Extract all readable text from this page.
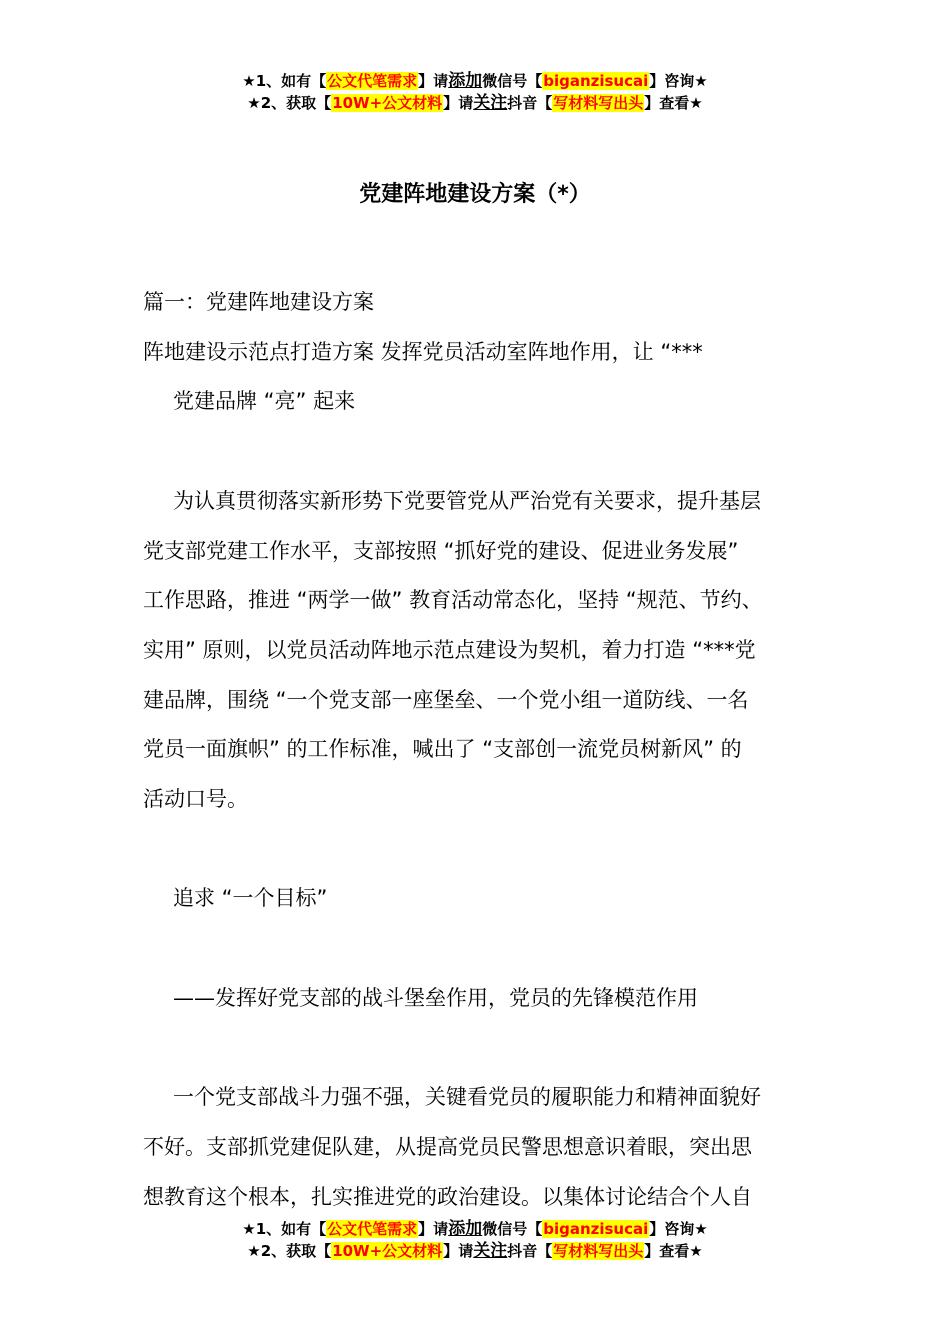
★1、如有【公文代笔需求】请添加微信号【biganzisucai】咨询★
★2、获取【10W+公文材料】请关注抖音【写材料写出头】查看★
党建阵地建设方案（*）

篇一：党建阵地建设方案

阵地建设示范点打造方案 发挥党员活动室阵地作用，让 “***

党建品牌 “亮” 起来

为认真贯彻落实新形势下党要管党从严治党有关要求，提升基层

党支部党建工作水平，支部按照 “抓好党的建设、促进业务发展”

工作思路，推进 “两学一做” 教育活动常态化，坚持 “规范、节约、

实用” 原则，以党员活动阵地示范点建设为契机，着力打造 “***党

建品牌，围绕 “一个党支部一座堡垒、一个党小组一道防线、一名

党员一面旗帜” 的工作标准，喊出了 “支部创一流党员树新风” 的

活动口号。

追求 “一个目标”

——发挥好党支部的战斗堡垒作用，党员的先锋模范作用

一个党支部战斗力强不强，关键看党员的履职能力和精神面貌好

不好。支部抓党建促队建，从提高党员民警思想意识着眼，突出思

想教育这个根本，扎实推进党的政治建设。以集体讨论结合个人自

★1、如有【公文代笔需求】请添加微信号【biganzisucai】咨询★
★2、获取【10W+公文材料】请关注抖音【写材料写出头】查看★
